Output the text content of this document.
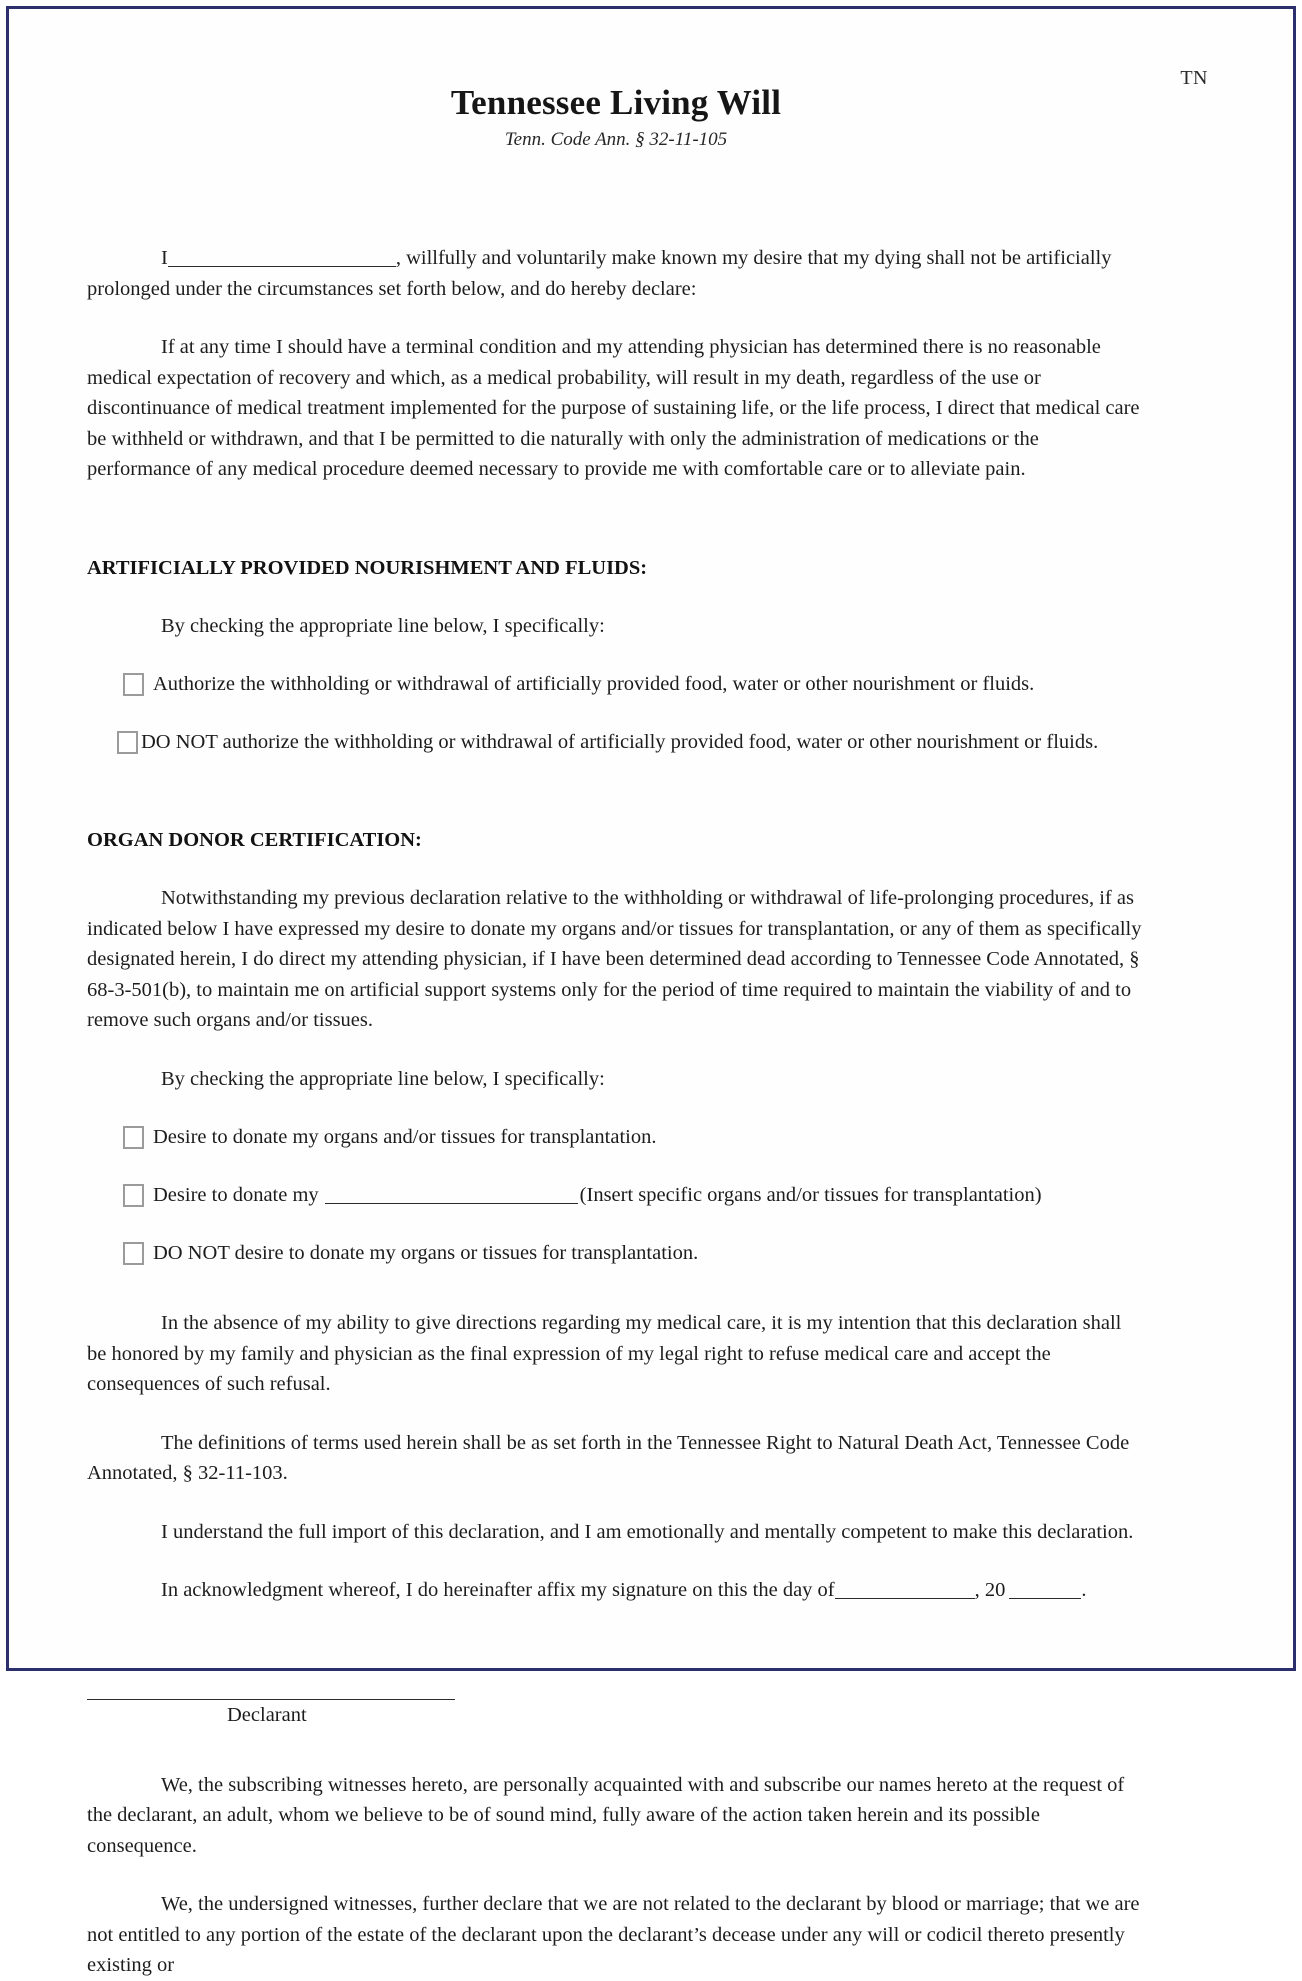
TN
Tennessee Living Will
Tenn. Code Ann. § 32-11-105

I	, willfully and voluntarily make known my desire that my dying shall not be artificially prolonged under the circumstances set forth below, and do hereby declare:

If at any time I should have a terminal condition and my attending physician has determined there is no reasonable medical expectation of recovery and which, as a medical probability, will result in my death, regardless of the use or discontinuance of medical treatment implemented for the purpose of sustaining life, or the life process, I direct that medical care be withheld or withdrawn, and that I be permitted to die naturally with only the administration of medications or the performance of any medical procedure deemed necessary to provide me with comfortable care or to alleviate pain.

ARTIFICIALLY PROVIDED NOURISHMENT AND FLUIDS:

By checking the appropriate line below, I specifically:

Authorize the withholding or withdrawal of artificially provided food, water or other nourishment or fluids.
DO NOT authorize the withholding or withdrawal of artificially provided food, water or other nourishment or fluids.

ORGAN DONOR CERTIFICATION:

Notwithstanding my previous declaration relative to the withholding or withdrawal of life-prolonging procedures, if as indicated below I have expressed my desire to donate my organs and/or tissues for transplantation, or any of them as specifically designated herein, I do direct my attending physician, if I have been determined dead according to Tennessee Code Annotated, § 68-3-501(b), to maintain me on artificial support systems only for the period of time required to maintain the viability of and to remove such organs and/or tissues.

By checking the appropriate line below, I specifically:

Desire to donate my organs and/or tissues for transplantation.
Desire to donate my	(Insert specific organs and/or tissues for transplantation)
DO NOT desire to donate my organs or tissues for transplantation.

In the absence of my ability to give directions regarding my medical care, it is my intention that this declaration shall be honored by my family and physician as the final expression of my legal right to refuse medical care and accept the consequences of such refusal.

The definitions of terms used herein shall be as set forth in the Tennessee Right to Natural Death Act, Tennessee Code Annotated, § 32-11-103.

I understand the full import of this declaration, and I am emotionally and mentally competent to make this declaration.

In acknowledgment whereof, I do hereinafter affix my signature on this the day of	, 20	.

Declarant

We, the subscribing witnesses hereto, are personally acquainted with and subscribe our names hereto at the request of the declarant, an adult, whom we believe to be of sound mind, fully aware of the action taken herein and its possible consequence.

We, the undersigned witnesses, further declare that we are not related to the declarant by blood or marriage; that we are not entitled to any portion of the estate of the declarant upon the declarant’s decease under any will or codicil thereto presently existing or
